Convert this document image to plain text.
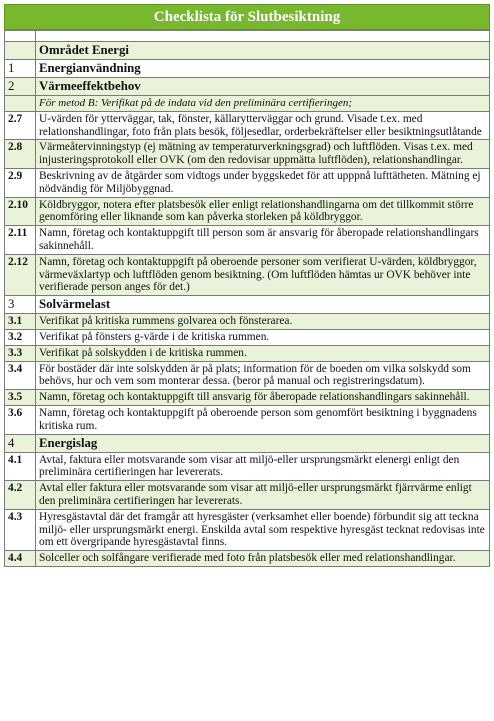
Checklista för Slutbesiktning

	Området Energi
1	Energianvändning
2	Värmeeffektbehov
	För metod B: Verifikat på de indata vid den preliminära certifieringen;
2.7	U-värden för ytterväggar, tak, fönster, källarytterväggar och grund. Visade t.ex. med relationshandlingar, foto från plats besök, följesedlar, orderbekräftelser eller besiktningsutlåtande
2.8	Värmeåtervinningstyp (ej mätning av temperaturverkningsgrad) och luftflöden. Visas t.ex. med injusteringsprotokoll eller OVK (om den redovisar uppmätta luftflöden), relationshandlingar.
2.9	Beskrivning av de åtgärder som vidtogs under byggskedet för att upppnå lufttätheten. Mätning ej nödvändig för Miljöbyggnad.
2.10	Köldbryggor, notera efter platsbesök eller enligt relationshandlingarna om det tillkommit större genomföring eller liknande som kan påverka storleken på köldbryggor.
2.11	Namn, företag och kontaktuppgift till person som är ansvarig för åberopade relationshandlingars sakinnehåll.
2.12	Namn, företag och kontaktuppgift på oberoende personer som verifierat U-värden, köldbryggor, värmeväxlartyp och luftflöden genom besiktning. (Om luftflöden hämtas ur OVK behöver inte verifierade person anges för det.)
3	Solvärmelast
3.1	Verifikat på kritiska rummens golvarea och fönsterarea.
3.2	Verifikat på fönsters g-värde i de kritiska rummen.
3.3	Verifikat på solskydden i de kritiska rummen.
3.4	För bostäder där inte solskydden är på plats; information för de boeden om vilka solskydd som behövs, hur och vem som monterar dessa. (beror på manual och registreringsdatum).
3.5	Namn, företag och kontaktuppgift till ansvarig för åberopade relationshandlingars sakinnehåll.
3.6	Namn, företag och kontaktuppgift på oberoende person som genomfört besiktning i byggnadens kritiska rum.
4	Energislag
4.1	Avtal, faktura eller motsvarande som visar att miljö-eller ursprungsmärkt elenergi enligt den preliminära certifieringen har levererats.
4.2	Avtal eller faktura eller motsvarande som visar att miljö-eller ursprungsmärkt fjärrvärme enligt den preliminära certifieringen har levererats.
4.3	Hyresgästavtal där det framgår att hyresgäster (verksamhet eller boende) förbundit sig att teckna miljö- eller ursprungsmärkt energi. Enskilda avtal som respektive hyresgäst tecknat redovisas inte om ett övergripande hyresgästavtal finns.
4.4	Solceller och solfångare verifierade med foto från platsbesök eller med relationshandlingar.
